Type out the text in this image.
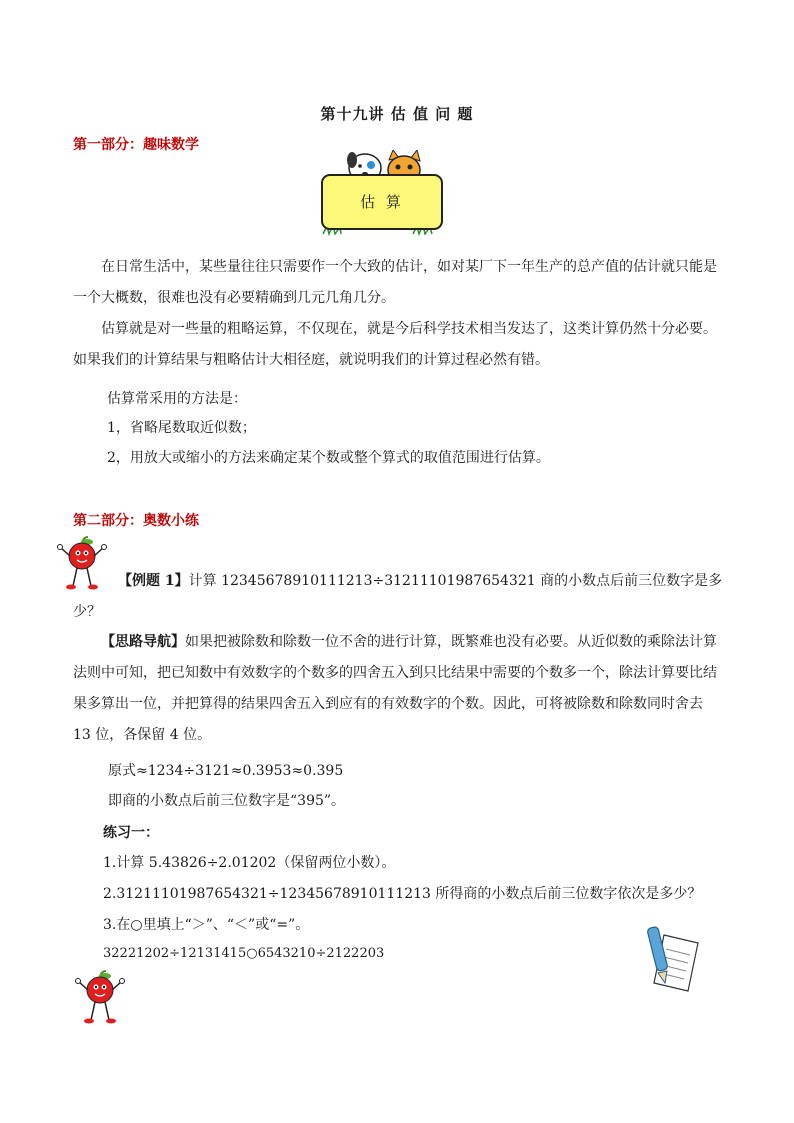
第十九讲 估 值 问 题
第一部分：趣味数学
估 算
在日常生活中，某些量往往只需要作一个大致的估计，如对某厂下一年生产的总产值的估计就只能是一个大概数，很难也没有必要精确到几元几角几分。
估算就是对一些量的粗略运算，不仅现在，就是今后科学技术相当发达了，这类计算仍然十分必要。如果我们的计算结果与粗略估计大相径庭，就说明我们的计算过程必然有错。
估算常采用的方法是：
1，省略尾数取近似数；
2，用放大或缩小的方法来确定某个数或整个算式的取值范围进行估算。
第二部分：奥数小练
【例题 1】计算 12345678910111213÷31211101987654321 商的小数点后前三位数字是多
少？
【思路导航】如果把被除数和除数一位不舍的进行计算，既繁难也没有必要。从近似数的乘除法计算法则中可知，把已知数中有效数字的个数多的四舍五入到只比结果中需要的个数多一个，除法计算要比结果多算出一位，并把算得的结果四舍五入到应有的有效数字的个数。因此，可将被除数和除数同时舍去 13 位，各保留 4 位。
原式≈1234÷3121≈0.3953≈0.395
即商的小数点后前三位数字是“395”。
练习一：
1.计算 5.43826÷2.01202（保留两位小数）。
2.31211101987654321÷12345678910111213 所得商的小数点后前三位数字依次是多少？
3.在○里填上“＞”、“＜”或“=”。
32221202÷12131415○6543210÷2122203
